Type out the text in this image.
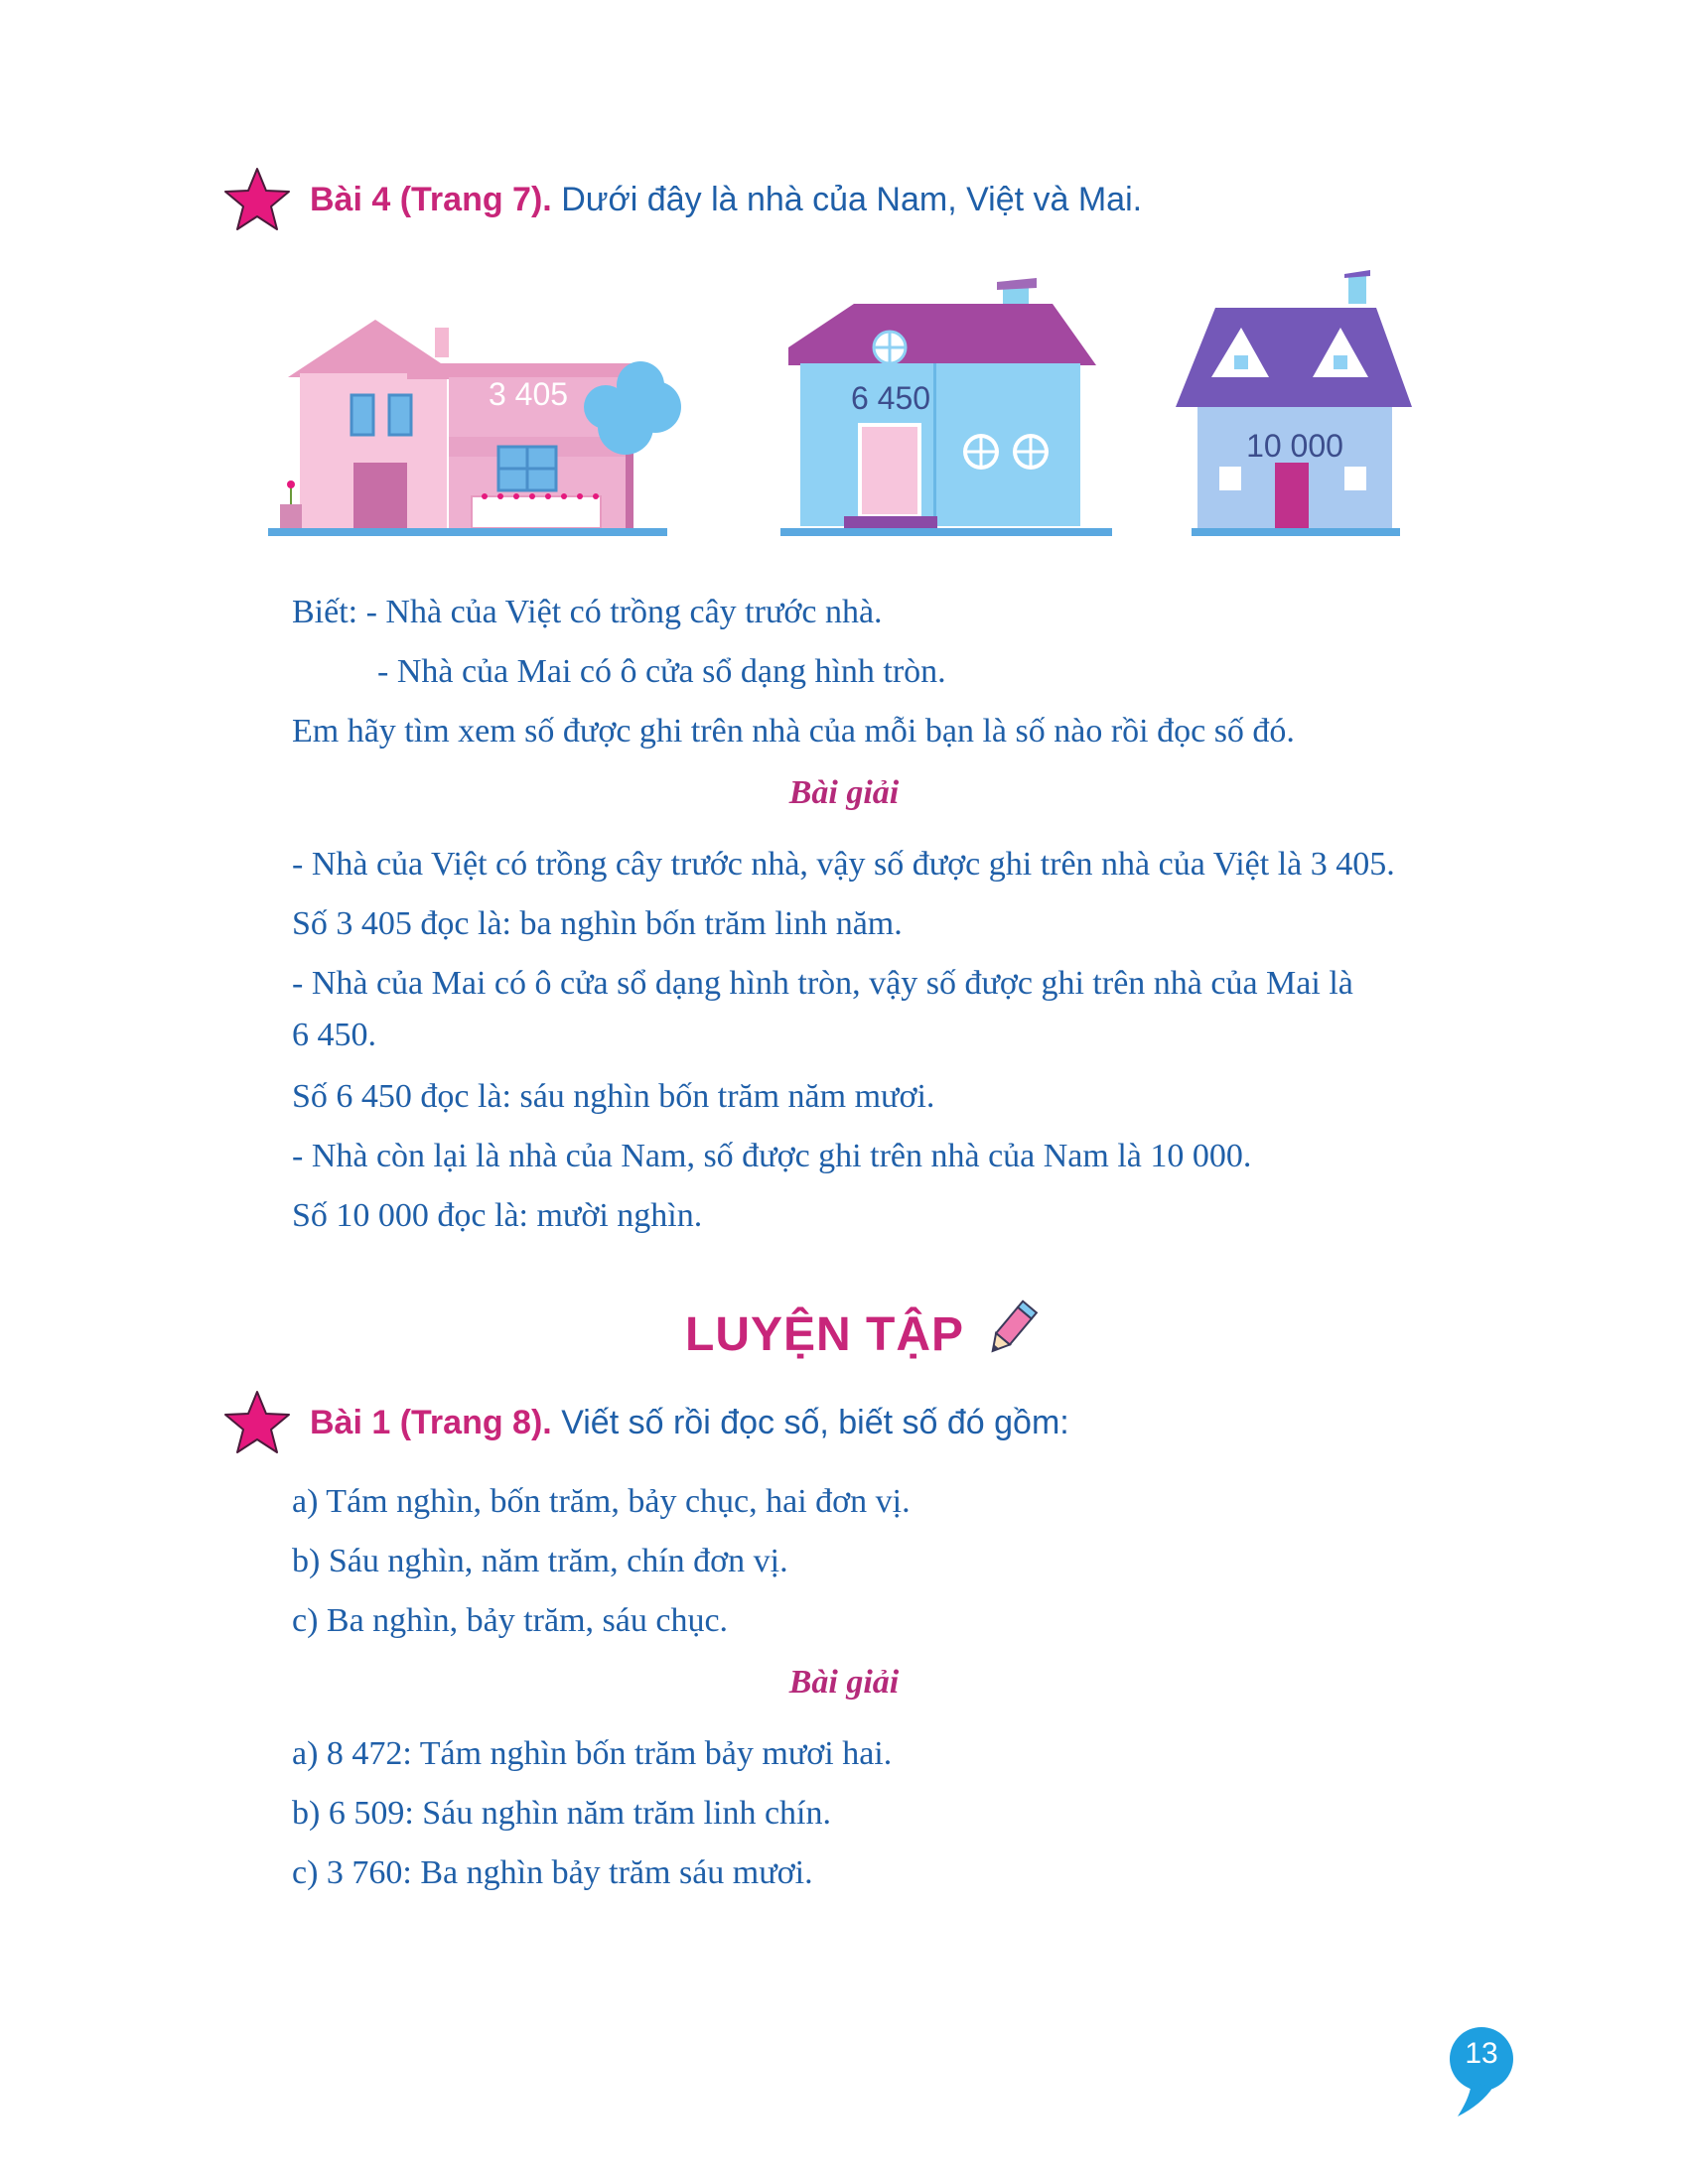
Bài 4 (Trang 7). Dưới đây là nhà của Nam, Việt và Mai.
3 405	6 450
10 000
Biết: - Nhà của Việt có trồng cây trước nhà.
- Nhà của Mai có ô cửa sổ dạng hình tròn.
Em hãy tìm xem số được ghi trên nhà của mỗi bạn là số nào rồi đọc số đó.
Bài giải
- Nhà của Việt có trồng cây trước nhà, vậy số được ghi trên nhà của Việt là 3 405.
Số 3 405 đọc là: ba nghìn bốn trăm linh năm.
- Nhà của Mai có ô cửa sổ dạng hình tròn, vậy số được ghi trên nhà của Mai là
6 450.
Số 6 450 đọc là: sáu nghìn bốn trăm năm mươi.
- Nhà còn lại là nhà của Nam, số được ghi trên nhà của Nam là 10 000.
Số 10 000 đọc là: mười nghìn.
LUYỆN TẬP
Bài 1 (Trang 8). Viết số rồi đọc số, biết số đó gồm:
a) Tám nghìn, bốn trăm, bảy chục, hai đơn vị.
b) Sáu nghìn, năm trăm, chín đơn vị.
c) Ba nghìn, bảy trăm, sáu chục.
Bài giải
a) 8 472: Tám nghìn bốn trăm bảy mươi hai.
b) 6 509: Sáu nghìn năm trăm linh chín.
c) 3 760: Ba nghìn bảy trăm sáu mươi.
13
